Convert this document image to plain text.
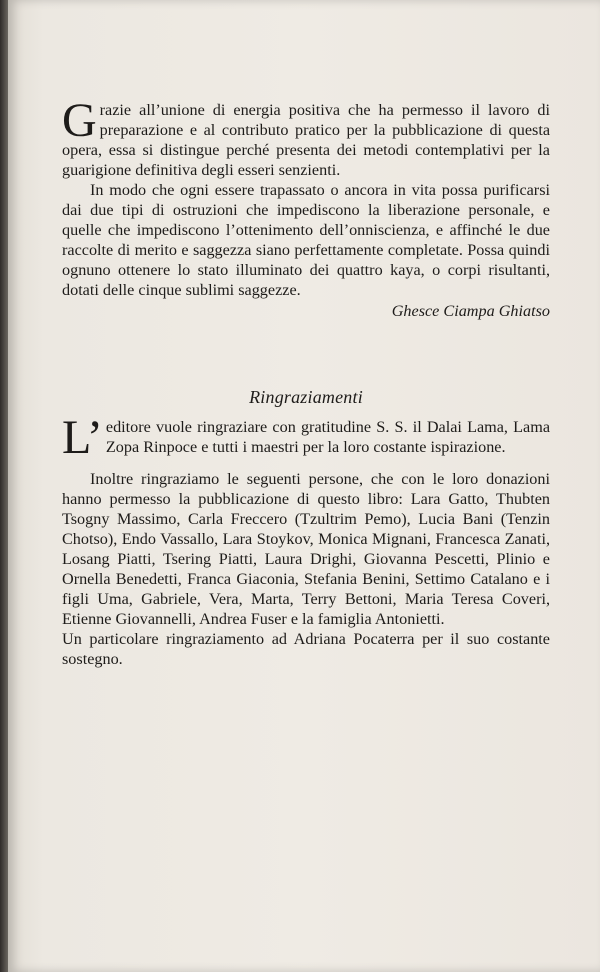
Grazie all’unione di energia positiva che ha permesso il lavoro di preparazione e al contributo pratico per la pubblicazione di questa opera, essa si distingue perché presenta dei metodi contemplativi per la guarigione definitiva degli esseri senzienti.

In modo che ogni essere trapassato o ancora in vita possa purificarsi dai due tipi di ostruzioni che impediscono la liberazione personale, e quelle che impediscono l’ottenimento dell’onniscienza, e affinché le due raccolte di merito e saggezza siano perfettamente completate. Possa quindi ognuno ottenere lo stato illuminato dei quattro kaya, o corpi risultanti, dotati delle cinque sublimi saggezze.

Ghesce Ciampa Ghiatso

Ringraziamenti

L’ editore vuole ringraziare con gratitudine S. S. il Dalai Lama, Lama Zopa Rinpoce e tutti i maestri per la loro costante ispirazione.

Inoltre ringraziamo le seguenti persone, che con le loro donazioni hanno permesso la pubblicazione di questo libro: Lara Gatto, Thubten Tsogny Massimo, Carla Freccero (Tzultrim Pemo), Lucia Bani (Tenzin Chotso), Endo Vassallo, Lara Stoykov, Monica Mignani, Francesca Zanati, Losang Piatti, Tsering Piatti, Laura Drighi, Giovanna Pescetti, Plinio e Ornella Benedetti, Franca Giaconia, Stefania Benini, Settimo Catalano e i figli Uma, Gabriele, Vera, Marta, Terry Bettoni, Maria Teresa Coveri, Etienne Giovannelli, Andrea Fuser e la famiglia Antonietti.

Un particolare ringraziamento ad Adriana Pocaterra per il suo costante sostegno.
